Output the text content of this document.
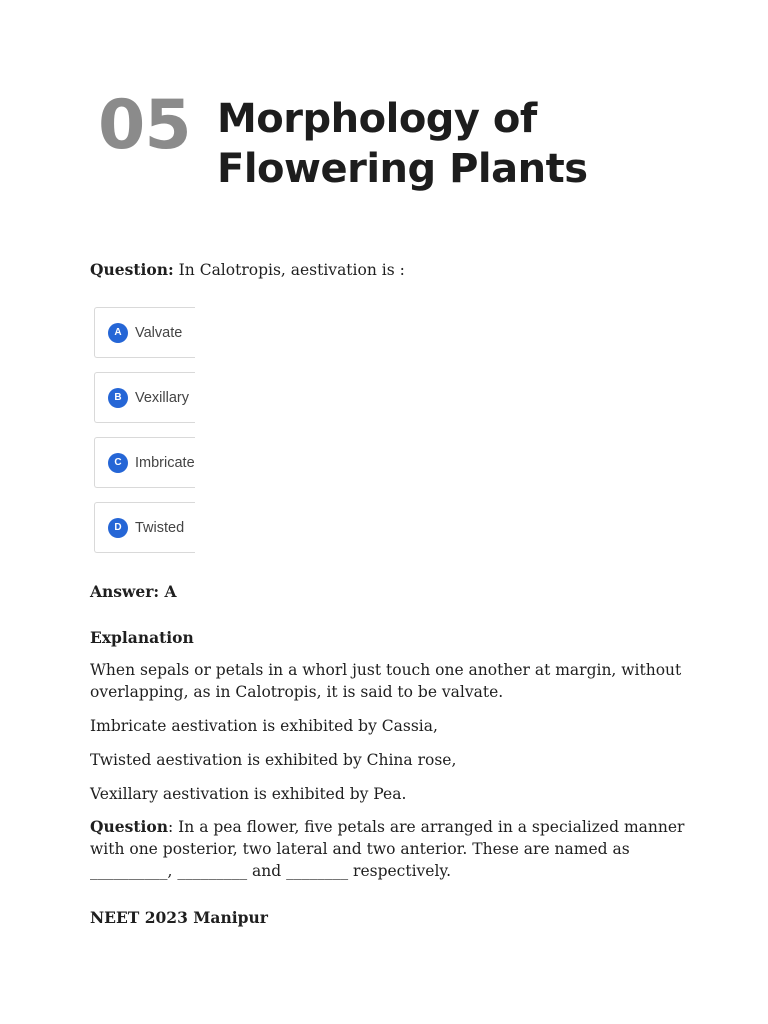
05 Morphology of
Flowering Plants
Question: In Calotropis, aestivation is :
A Valvate
B Vexillary
C Imbricate
D Twisted
Answer: A
Explanation
When sepals or petals in a whorl just touch one another at margin, without overlapping, as in Calotropis, it is said to be valvate.
Imbricate aestivation is exhibited by Cassia,
Twisted aestivation is exhibited by China rose,
Vexillary aestivation is exhibited by Pea.
Question: In a pea flower, five petals are arranged in a specialized manner with one posterior, two lateral and two anterior. These are named as __________, _________ and ________ respectively.
NEET 2023 Manipur
